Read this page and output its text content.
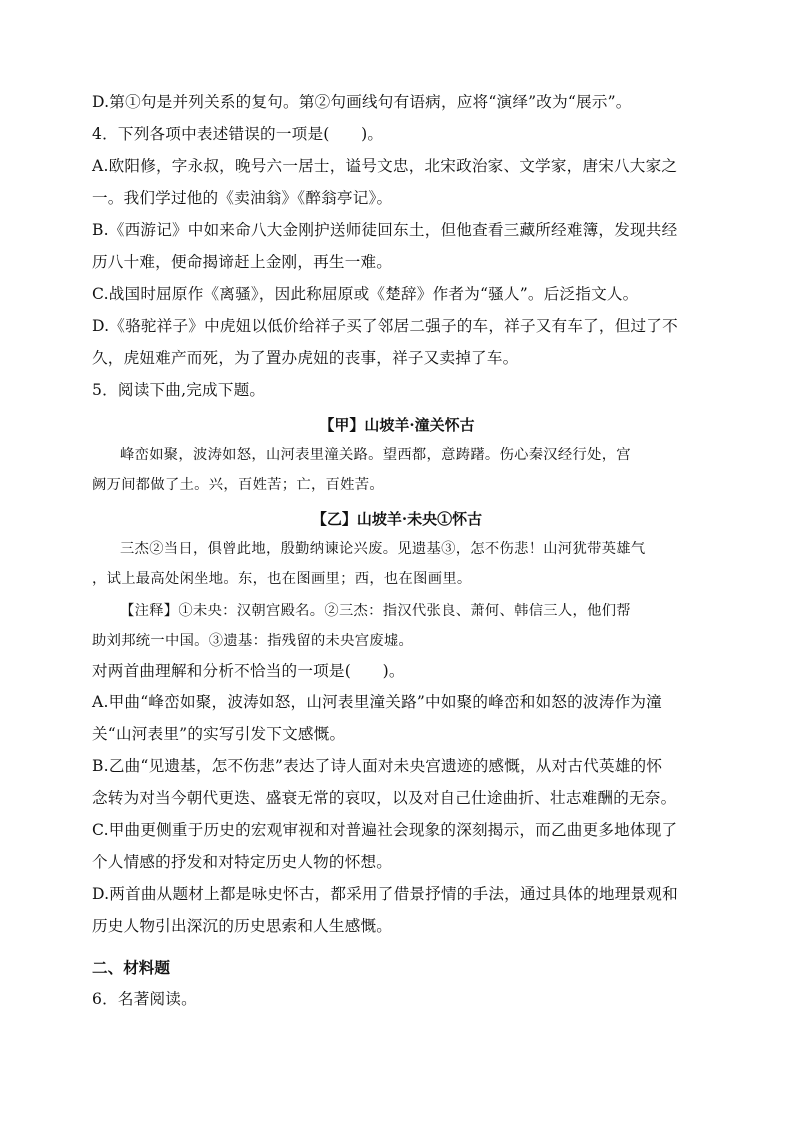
D.第①句是并列关系的复句。第②句画线句有语病，应将“演绎”改为“展示”。
4．下列各项中表述错误的一项是(　　)。
A.欧阳修，字永叔，晚号六一居士，谥号文忠，北宋政治家、文学家，唐宋八大家之
一。我们学过他的《卖油翁》《醉翁亭记》。
B.《西游记》中如来命八大金刚护送师徒回东土，但他查看三藏所经难簿，发现共经
历八十难，便命揭谛赶上金刚，再生一难。
C.战国时屈原作《离骚》，因此称屈原或《楚辞》作者为“骚人”。后泛指文人。
D.《骆驼祥子》中虎妞以低价给祥子买了邻居二强子的车，祥子又有车了，但过了不
久，虎妞难产而死，为了置办虎妞的丧事，祥子又卖掉了车。
5．阅读下曲,完成下题。
【甲】山坡羊·潼关怀古
峰峦如聚，波涛如怒，山河表里潼关路。望西都，意踌躇。伤心秦汉经行处，宫
阙万间都做了土。兴，百姓苦；亡，百姓苦。
【乙】山坡羊·未央①怀古
三杰②当日，俱曾此地，殷勤纳谏论兴废。见遗基③，怎不伤悲！山河犹带英雄气
，试上最高处闲坐地。东，也在图画里；西，也在图画里。
【注释】①未央：汉朝宫殿名。②三杰：指汉代张良、萧何、韩信三人，他们帮
助刘邦统一中国。③遗基：指残留的未央宫废墟。
对两首曲理解和分析不恰当的一项是(　　)。
A.甲曲“峰峦如聚，波涛如怒，山河表里潼关路”中如聚的峰峦和如怒的波涛作为潼
关“山河表里”的实写引发下文感慨。
B.乙曲“见遗基，怎不伤悲”表达了诗人面对未央宫遗迹的感慨，从对古代英雄的怀
念转为对当今朝代更迭、盛衰无常的哀叹，以及对自己仕途曲折、壮志难酬的无奈。
C.甲曲更侧重于历史的宏观审视和对普遍社会现象的深刻揭示，而乙曲更多地体现了
个人情感的抒发和对特定历史人物的怀想。
D.两首曲从题材上都是咏史怀古，都采用了借景抒情的手法，通过具体的地理景观和
历史人物引出深沉的历史思索和人生感慨。
二、材料题
6．名著阅读。
